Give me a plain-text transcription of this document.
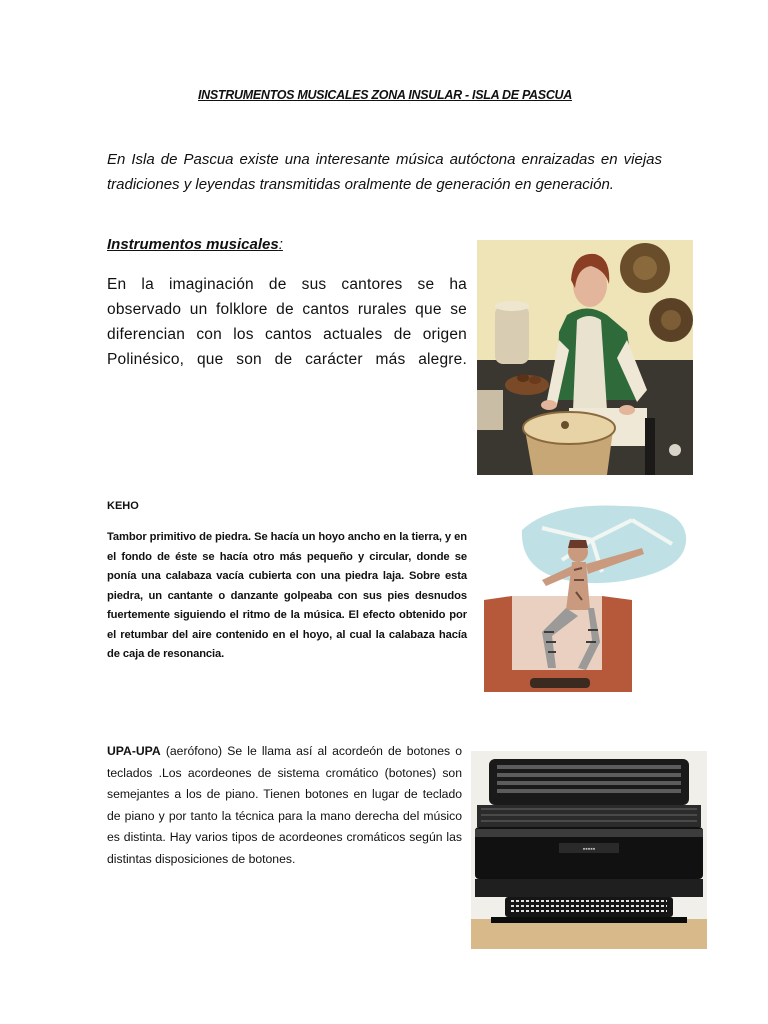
INSTRUMENTOS MUSICALES ZONA INSULAR - ISLA DE PASCUA
En Isla de Pascua existe una interesante música autóctona enraizadas en viejas tradiciones y leyendas transmitidas oralmente de generación en generación.
Instrumentos musicales:
En la imaginación de sus cantores se ha observado un folklore de cantos rurales que se diferencian con los cantos actuales de origen Polinésico, que son de carácter más alegre.
KEHO
Tambor primitivo de piedra. Se hacía un hoyo ancho en la tierra, y en el fondo de éste se hacía otro más pequeño y circular, donde se ponía una calabaza vacía cubierta con una piedra laja. Sobre esta piedra, un cantante o danzante golpeaba con sus pies desnudos fuertemente siguiendo el ritmo de la música. El efecto obtenido por el retumbar del aire contenido en el hoyo, al cual la calabaza hacía de caja de resonancia.
UPA-UPA (aerófono) Se le llama así al acordeón de botones o teclados .Los acordeones de sistema cromático (botones) son semejantes a los de piano. Tienen botones en lugar de teclado de piano y por tanto la técnica para la mano derecha del músico es distinta. Hay varios tipos de acordeones cromáticos según las distintas disposiciones de botones.
▪▪▪▪▪
